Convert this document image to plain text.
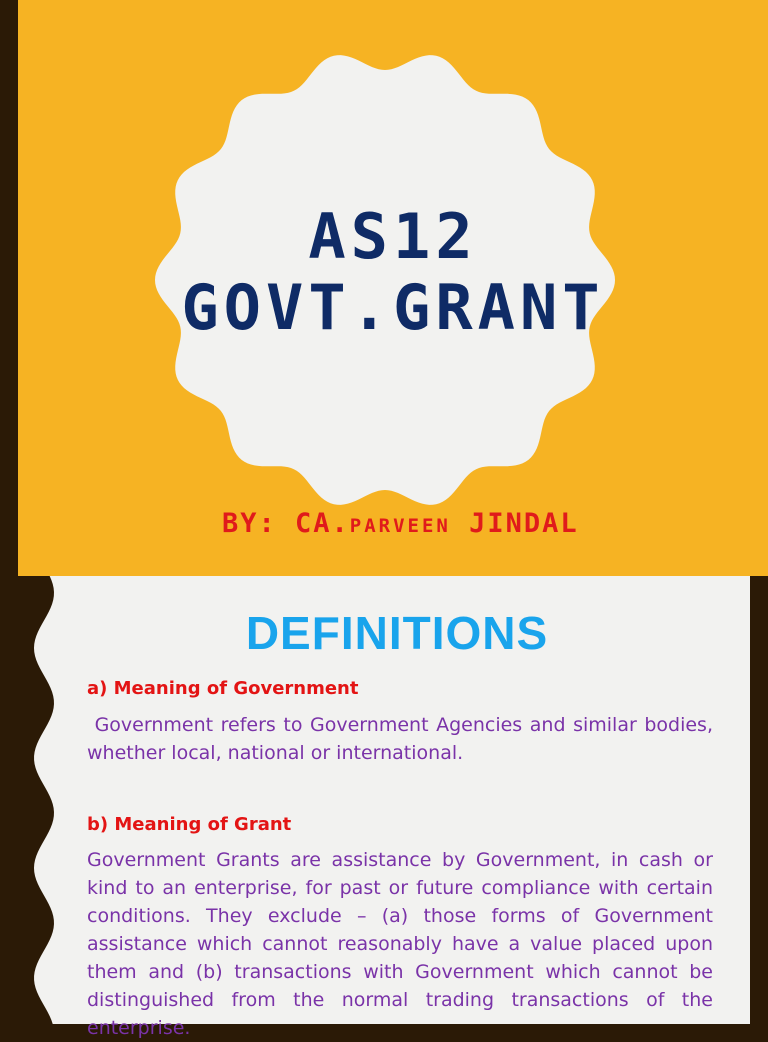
AS12
GOVT.GRANT
BY: CA.PARVEEN JINDAL
DEFINITIONS
a) Meaning of Government

Government refers to Government Agencies and similar bodies, whether local, national or international.

b) Meaning of Grant

Government Grants are assistance by Government, in cash or kind to an enterprise, for past or future compliance with certain conditions. They exclude – (a) those forms of Government assistance which cannot reasonably have a value placed upon them and (b) transactions with Government which cannot be distinguished from the normal trading transactions of the enterprise.
